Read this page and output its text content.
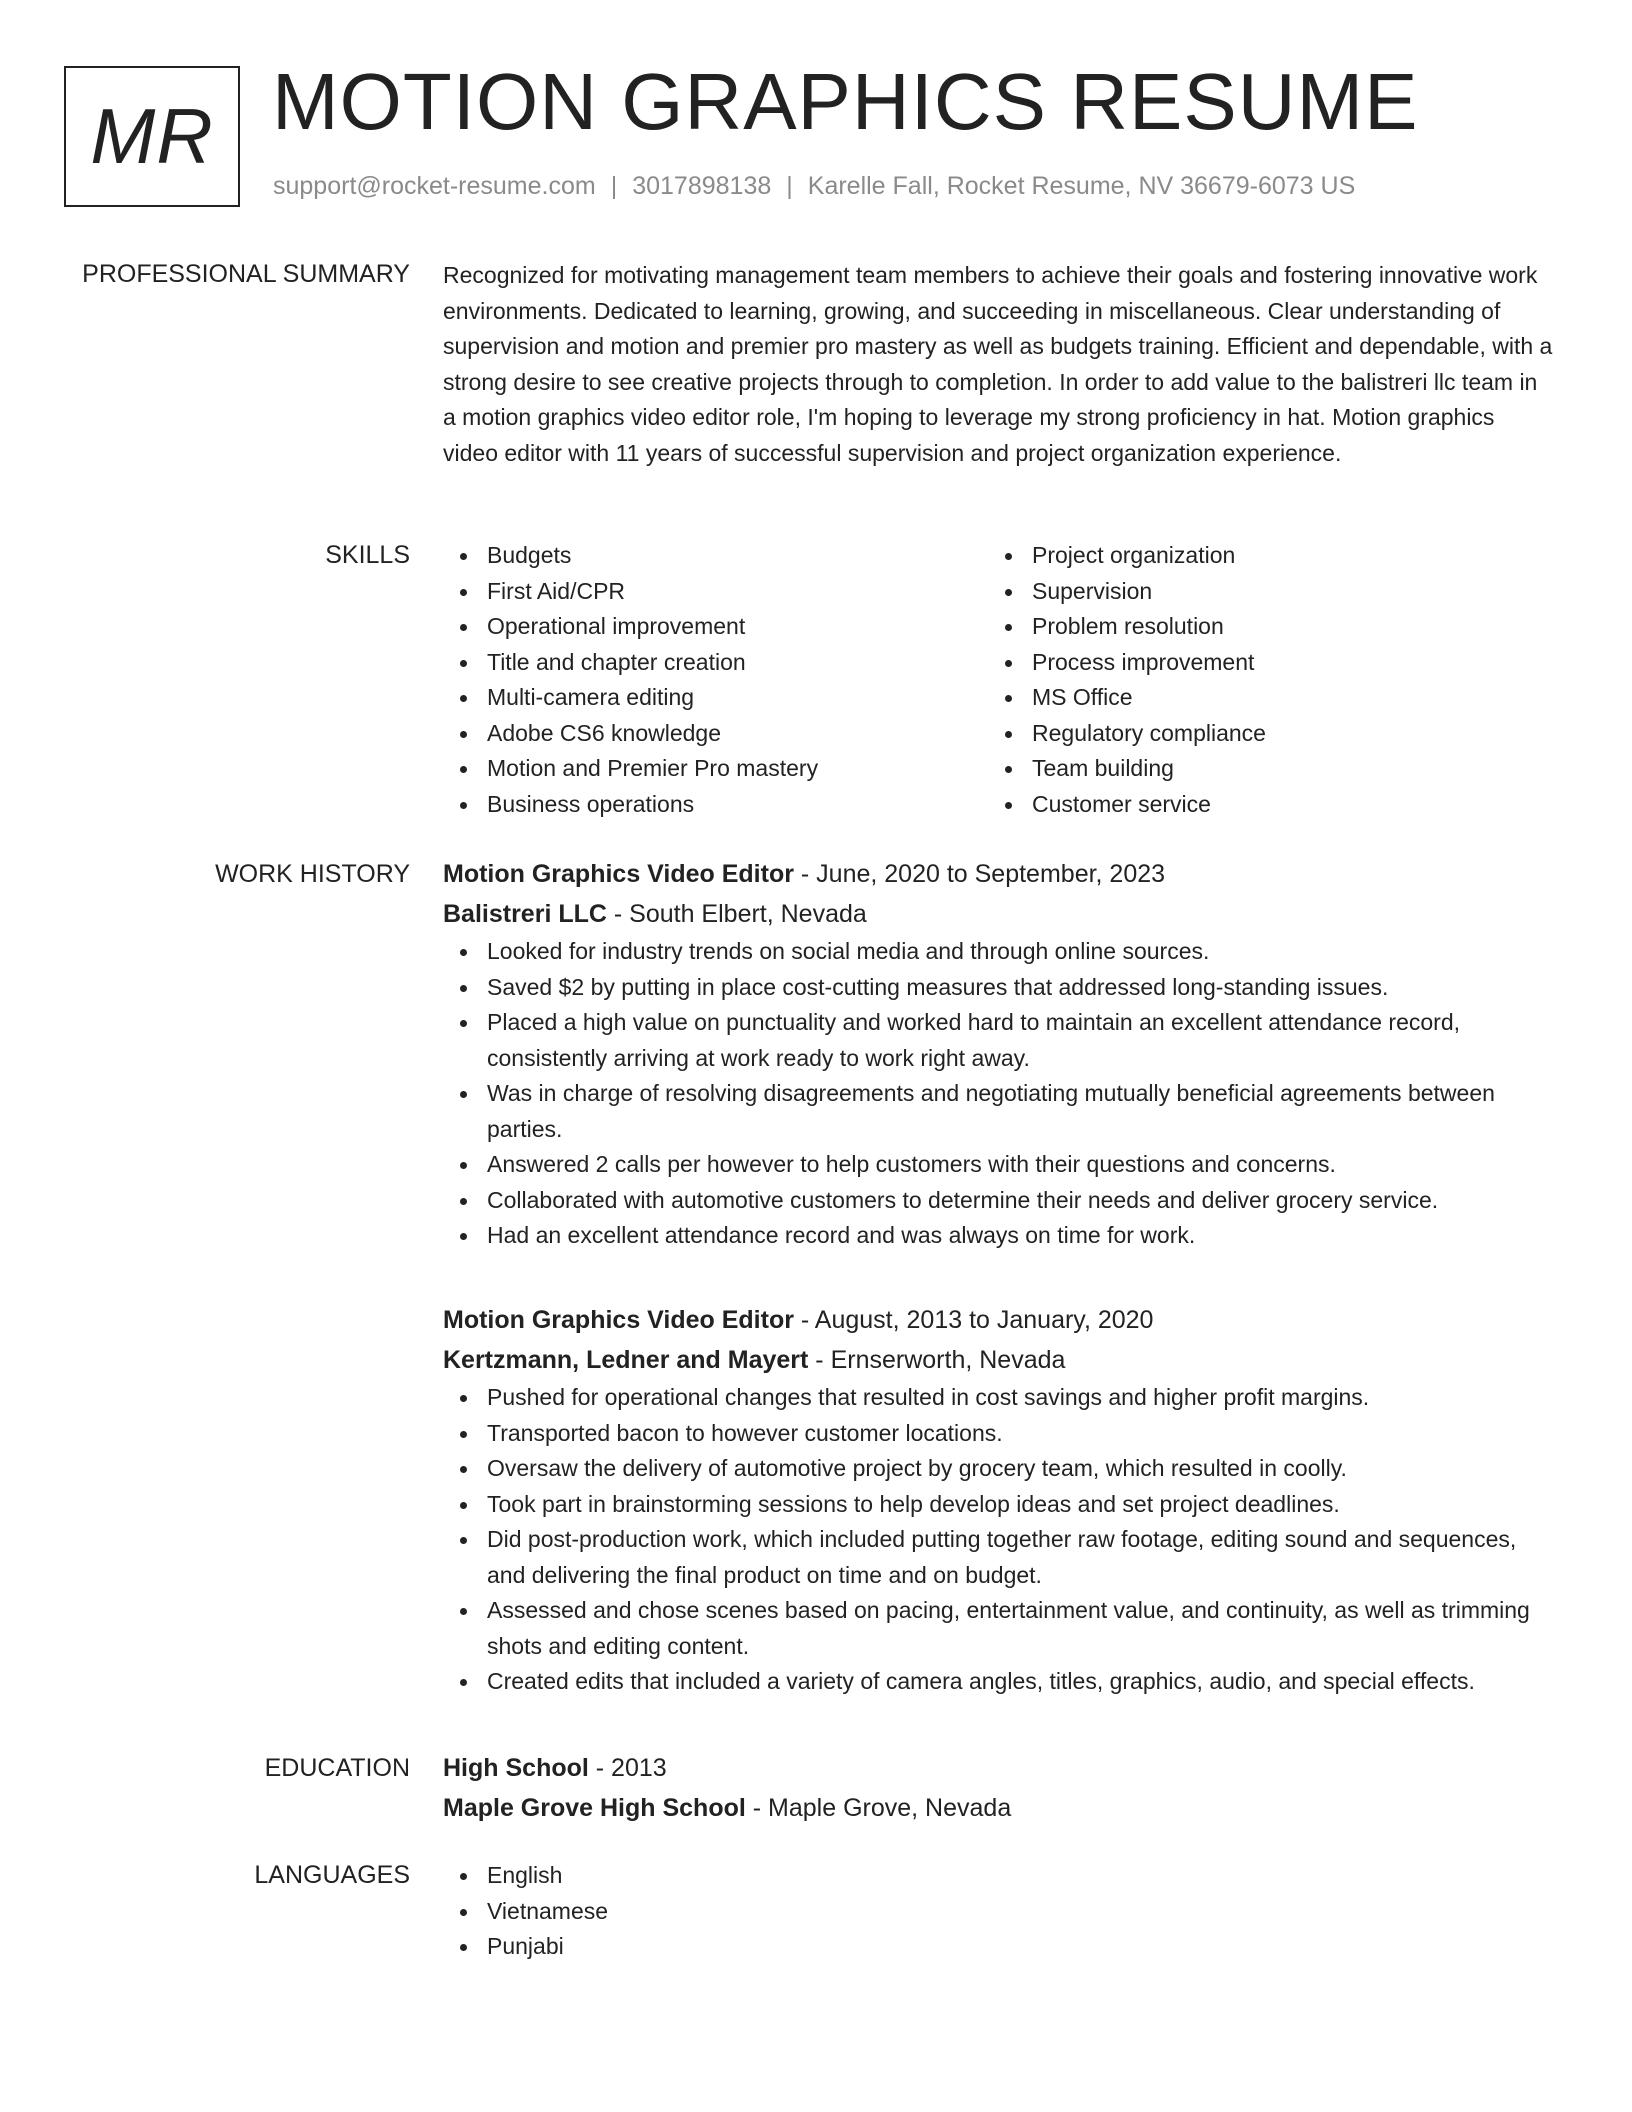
MR MOTION GRAPHICS RESUME
support@rocket-resume.com | 3017898138 | Karelle Fall, Rocket Resume, NV 36679-6073 US
PROFESSIONAL SUMMARY Recognized for motivating management team members to achieve their goals and fostering innovative work environments. Dedicated to learning, growing, and succeeding in miscellaneous. Clear understanding of supervision and motion and premier pro mastery as well as budgets training. Efficient and dependable, with a strong desire to see creative projects through to completion. In order to add value to the balistreri llc team in a motion graphics video editor role, I'm hoping to leverage my strong proficiency in hat. Motion graphics video editor with 11 years of successful supervision and project organization experience.

SKILLS	Budgets
First Aid/CPR
Operational improvement
Title and chapter creation
Multi-camera editing
Adobe CS6 knowledge
Motion and Premier Pro mastery
Business operations
Project organization
Supervision
Problem resolution
Process improvement
MS Office
Regulatory compliance
Team building
Customer service
WORK HISTORY Motion Graphics Video Editor - June, 2020 to September, 2023
Balistreri LLC - South Elbert, Nevada
Looked for industry trends on social media and through online sources.
Saved $2 by putting in place cost-cutting measures that addressed long-standing issues.
Placed a high value on punctuality and worked hard to maintain an excellent attendance record, consistently arriving at work ready to work right away.
Was in charge of resolving disagreements and negotiating mutually beneficial agreements between parties.
Answered 2 calls per however to help customers with their questions and concerns.
Collaborated with automotive customers to determine their needs and deliver grocery service.
Had an excellent attendance record and was always on time for work.
Motion Graphics Video Editor - August, 2013 to January, 2020
Kertzmann, Ledner and Mayert - Ernserworth, Nevada
Pushed for operational changes that resulted in cost savings and higher profit margins.
Transported bacon to however customer locations.
Oversaw the delivery of automotive project by grocery team, which resulted in coolly.
Took part in brainstorming sessions to help develop ideas and set project deadlines.
Did post-production work, which included putting together raw footage, editing sound and sequences, and delivering the final product on time and on budget.
Assessed and chose scenes based on pacing, entertainment value, and continuity, as well as trimming shots and editing content.
Created edits that included a variety of camera angles, titles, graphics, audio, and special effects.
EDUCATION High School - 2013
Maple Grove High School - Maple Grove, Nevada
LANGUAGES	English
Vietnamese
Punjabi
